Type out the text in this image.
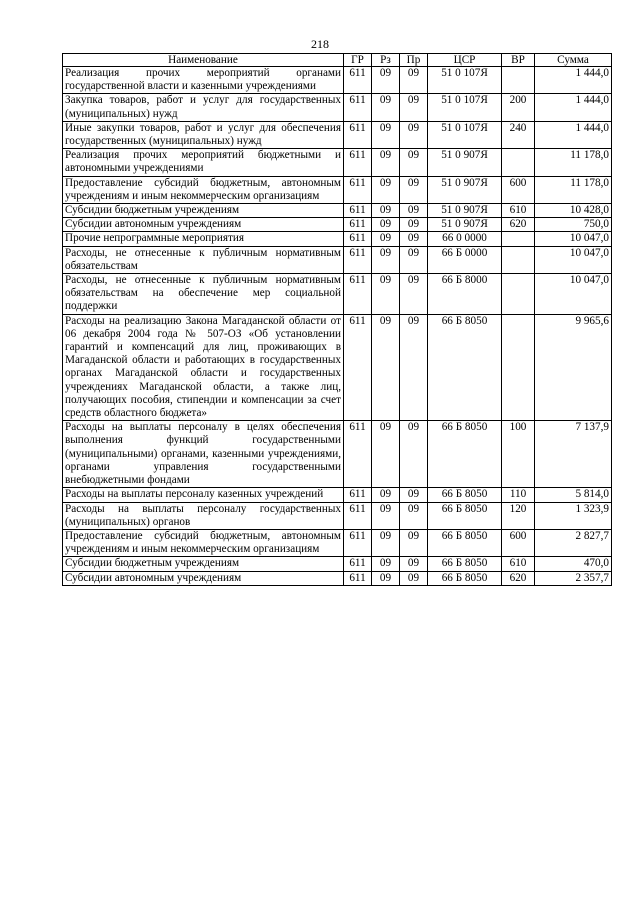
218
Наименование	ГР	Рз	Пр	ЦСР	ВР	Сумма
Реализация прочих мероприятий органами государственной власти и казенными учреждениями	611	09	09	51 0 107Я		1 444,0
Закупка товаров, работ и услуг для государственных (муниципальных) нужд	611	09	09	51 0 107Я	200	1 444,0
Иные закупки товаров, работ и услуг для обеспечения государственных (муниципальных) нужд	611	09	09	51 0 107Я	240	1 444,0
Реализация прочих мероприятий бюджетными и автономными учреждениями	611	09	09	51 0 907Я		11 178,0
Предоставление субсидий бюджетным, автономным учреждениям и иным некоммерческим организациям	611	09	09	51 0 907Я	600	11 178,0
Субсидии бюджетным учреждениям	611	09	09	51 0 907Я	610	10 428,0
Субсидии автономным учреждениям	611	09	09	51 0 907Я	620	750,0
Прочие непрограммные мероприятия	611	09	09	66 0 0000		10 047,0
Расходы, не отнесенные к публичным нормативным обязательствам	611	09	09	66 Б 0000		10 047,0
Расходы, не отнесенные к публичным нормативным обязательствам на обеспечение мер социальной поддержки	611	09	09	66 Б 8000		10 047,0
Расходы на реализацию Закона Магаданской области от 06 декабря 2004 года № 507-ОЗ «Об установлении гарантий и компенсаций для лиц, проживающих в Магаданской области и работающих в государственных органах Магаданской области и государственных учреждениях Магаданской области, а также лиц, получающих пособия, стипендии и компенсации за счет средств областного бюджета»	611	09	09	66 Б 8050		9 965,6
Расходы на выплаты персоналу в целях обеспечения выполнения функций государственными (муниципальными) органами, казенными учреждениями, органами управления государственными внебюджетными фондами	611	09	09	66 Б 8050	100	7 137,9
Расходы на выплаты персоналу казенных учреждений	611	09	09	66 Б 8050	110	5 814,0
Расходы на выплаты персоналу государственных (муниципальных) органов	611	09	09	66 Б 8050	120	1 323,9
Предоставление субсидий бюджетным, автономным учреждениям и иным некоммерческим организациям	611	09	09	66 Б 8050	600	2 827,7
Субсидии бюджетным учреждениям	611	09	09	66 Б 8050	610	470,0
Субсидии автономным учреждениям	611	09	09	66 Б 8050	620	2 357,7
